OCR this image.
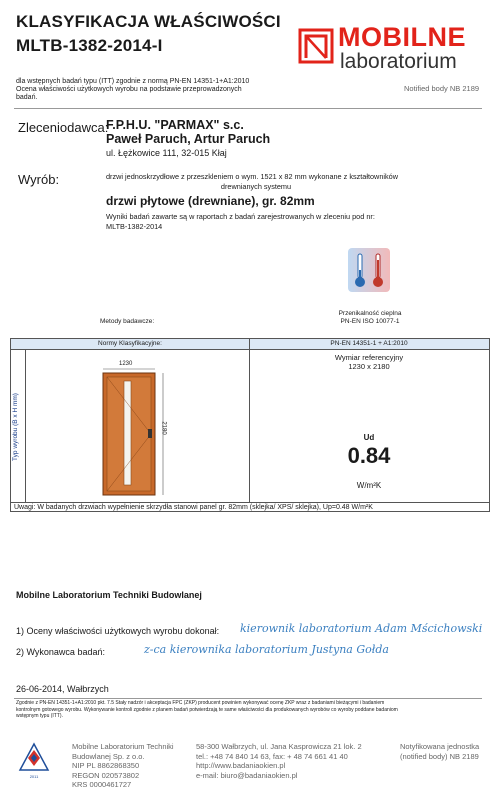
KLASYFIKACJA WŁAŚCIWOŚCI
MLTB-1382-2014-I	MOBILNE
laboratorium
Notified body NB 2189
dla wstępnych badań typu (ITT) zgodnie z normą PN-EN 14351-1+A1:2010
Ocena właściwości użytkowych wyrobu na podstawie przeprowadzonych
badań.
Zleceniodawca:
F.P.H.U. "PARMAX" s.c.
Paweł Paruch, Artur Paruch
ul. Łężkowice 111, 32-015 Kłaj
Wyrób:	drzwi jednoskrzydłowe z przeszkleniem o wym. 1521 x 82 mm wykonane z kształtowników
drewnianych systemu
drzwi płytowe (drewniane), gr. 82mm
Wyniki badań zawarte są w raportach z badań zarejestrowanych w zleceniu pod nr:
MLTB-1382-2014
Metody badawcze:
Przenikalność cieplna
PN-EN ISO 10077-1
Normy Klasyfikacyjne:	PN-EN 14351-1 + A1:2010
Typ wyrobu (B x H mm)
1230
2180
Wymiar referencyjny
1230 x 2180
Ud
0.84
W/m²K
Uwagi: W badanych drzwiach wypełnienie skrzydła stanowi panel gr. 82mm (sklejka/ XPS/ sklejka), Up=0.48 W/m²K
Mobilne Laboratorium Techniki Budowlanej
1) Oceny właściwości użytkowych wyrobu dokonał: kierownik laboratorium Adam Mścichowski
2) Wykonawca badań:	z-ca kierownika laboratorium Justyna Gołda
26-06-2014, Wałbrzych
Zgodnie z PN-EN 14351-1+A1:2010 pkt. 7.5 Stały nadzór i akceptacja FPC (ZKP) producent powinien wykonywać ocenę ZKP wraz z badaniami bieżącymi i badaniem
kontrolnym gotowego wyrobu. Wykonywanie kontroli zgodnie z planem badań potwierdzają te same właściwości dla produkowanych wyrobów co wyroby poddane badaniom
wstępnym typu (ITT).
2011
Mobilne Laboratorium Techniki
Budowlanej Sp. z o.o.
NIP PL 8862868350
REGON 020573802
KRS 0000461727
58-300 Wałbrzych, ul. Jana Kasprowicza 21 lok. 2
tel.: +48 74 840 14 63, fax: + 48 74 661 41 40
http://www.badaniaokien.pl
e-mail: biuro@badaniaokien.pl
Notyfikowana jednostka
(notified body) NB 2189
